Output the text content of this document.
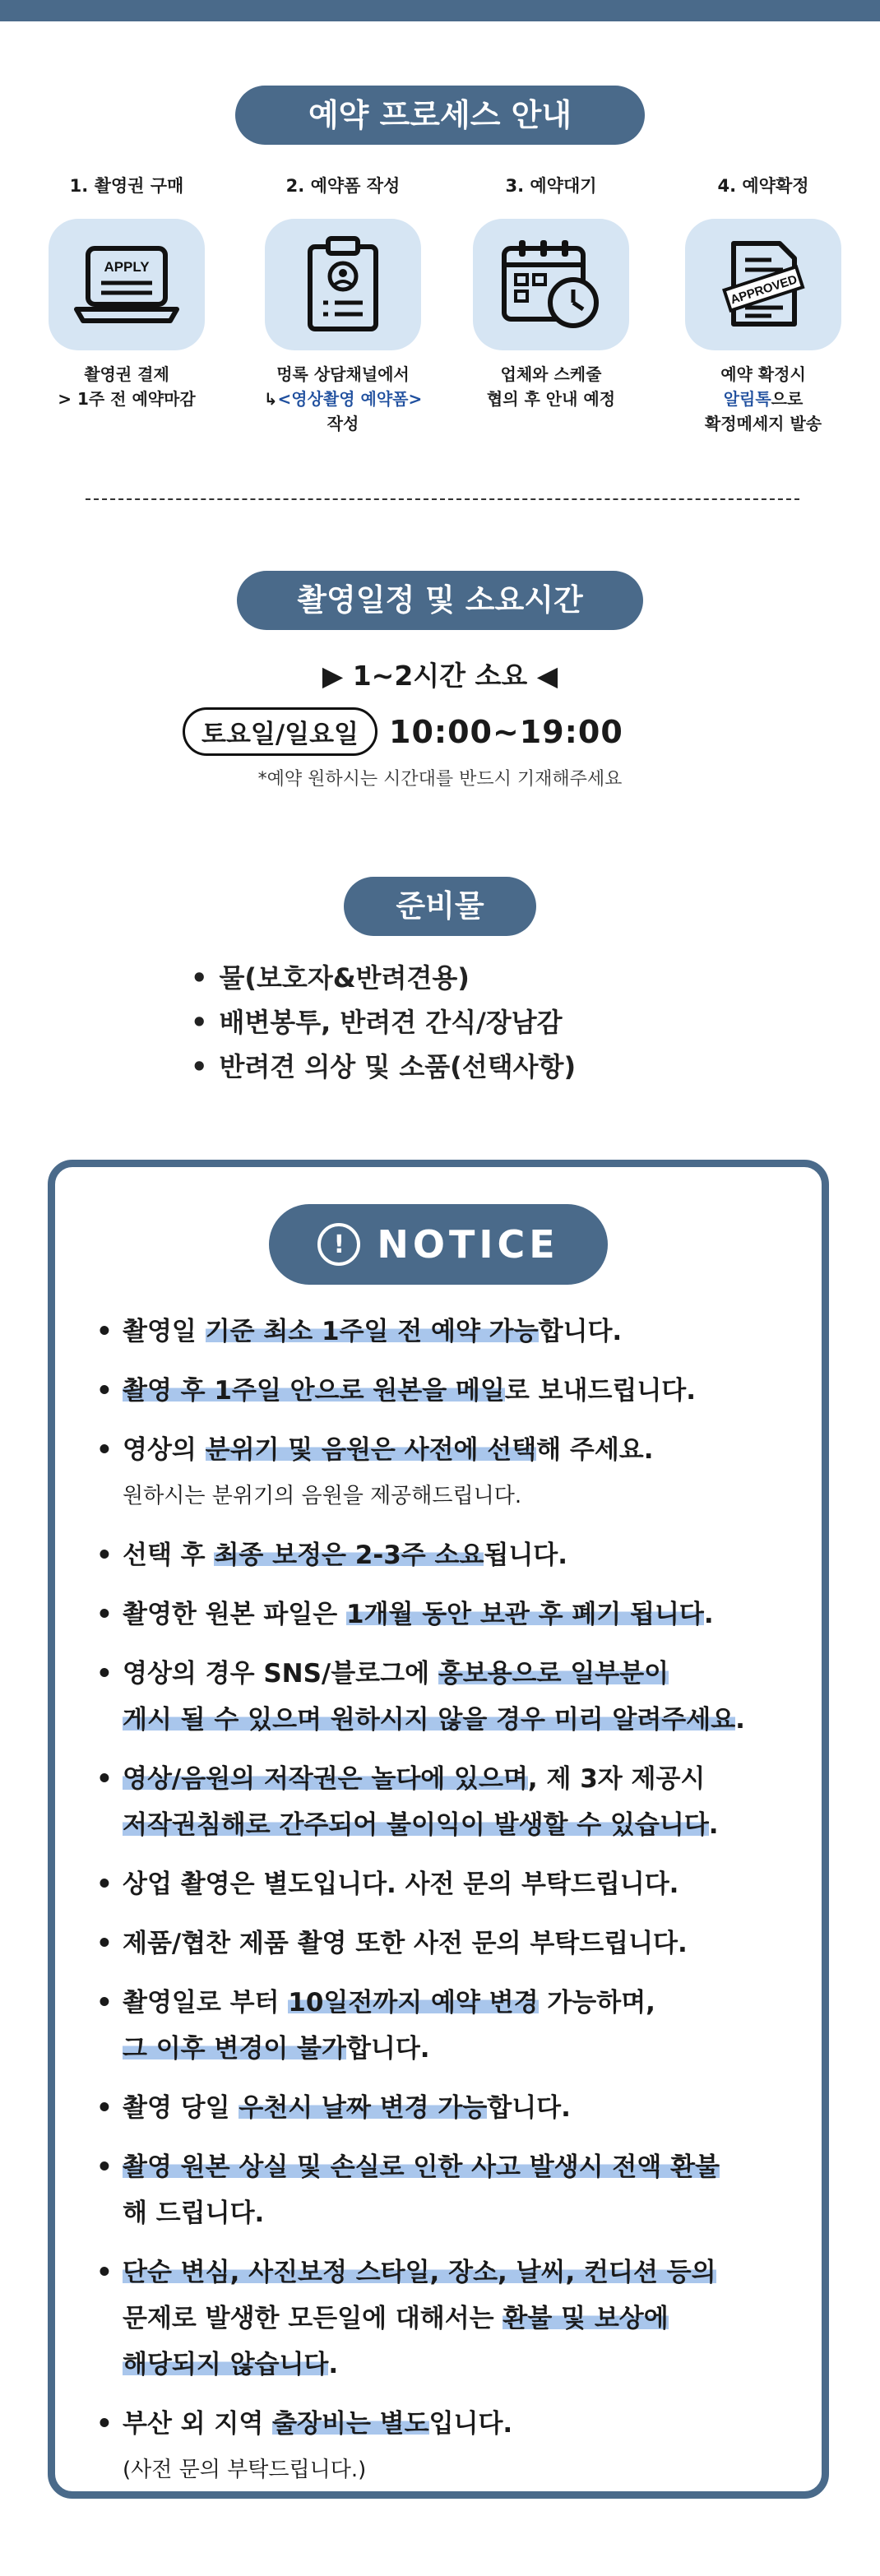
예약 프로세스 안내

1. 촬영권 구매

APPLY
촬영권 결제
> 1주 전 예약마감

2. 예약폼 작성

멍록 상담채널에서
↳<영상촬영 예약폼>
작성

3. 예약대기

업체와 스케줄
협의 후 안내 예정

4. 예약확정

APPROVED
예약 확정시
알림톡으로
확정메세지 발송
촬영일정 및 소요시간
▶ 1~2시간 소요 ◀
토요일/일요일 10:00~19:00
*예약 원하시는 시간대를 반드시 기재해주세요
준비물
• 물(보호자&반려견용)
• 배변봉투, 반려견 간식/장남감
• 반려견 의상 및 소품(선택사항)
! NOTICE
• 촬영일 기준 최소 1주일 전 예약 가능합니다.
• 촬영 후 1주일 안으로 원본을 메일로 보내드립니다.
• 영상의 분위기 및 음원은 사전에 선택해 주세요.
원하시는 분위기의 음원을 제공해드립니다.
• 선택 후 최종 보정은 2-3주 소요됩니다.
• 촬영한 원본 파일은 1개월 동안 보관 후 폐기 됩니다.
• 영상의 경우 SNS/블로그에 홍보용으로 일부분이
게시 될 수 있으며 원하시지 않을 경우 미리 알려주세요.
• 영상/음원의 저작권은 놀다에 있으며, 제 3자 제공시
저작권침해로 간주되어 불이익이 발생할 수 있습니다.
• 상업 촬영은 별도입니다. 사전 문의 부탁드립니다.
• 제품/협찬 제품 촬영 또한 사전 문의 부탁드립니다.
• 촬영일로 부터 10일전까지 예약 변경 가능하며,
그 이후 변경이 불가합니다.
• 촬영 당일 우천시 날짜 변경 가능합니다.
• 촬영 원본 상실 및 손실로 인한 사고 발생시 전액 환불
해 드립니다.
• 단순 변심, 사진보정 스타일, 장소, 날씨, 컨디션 등의
문제로 발생한 모든일에 대해서는 환불 및 보상에
해당되지 않습니다.
• 부산 외 지역 출장비는 별도입니다.
(사전 문의 부탁드립니다.)
